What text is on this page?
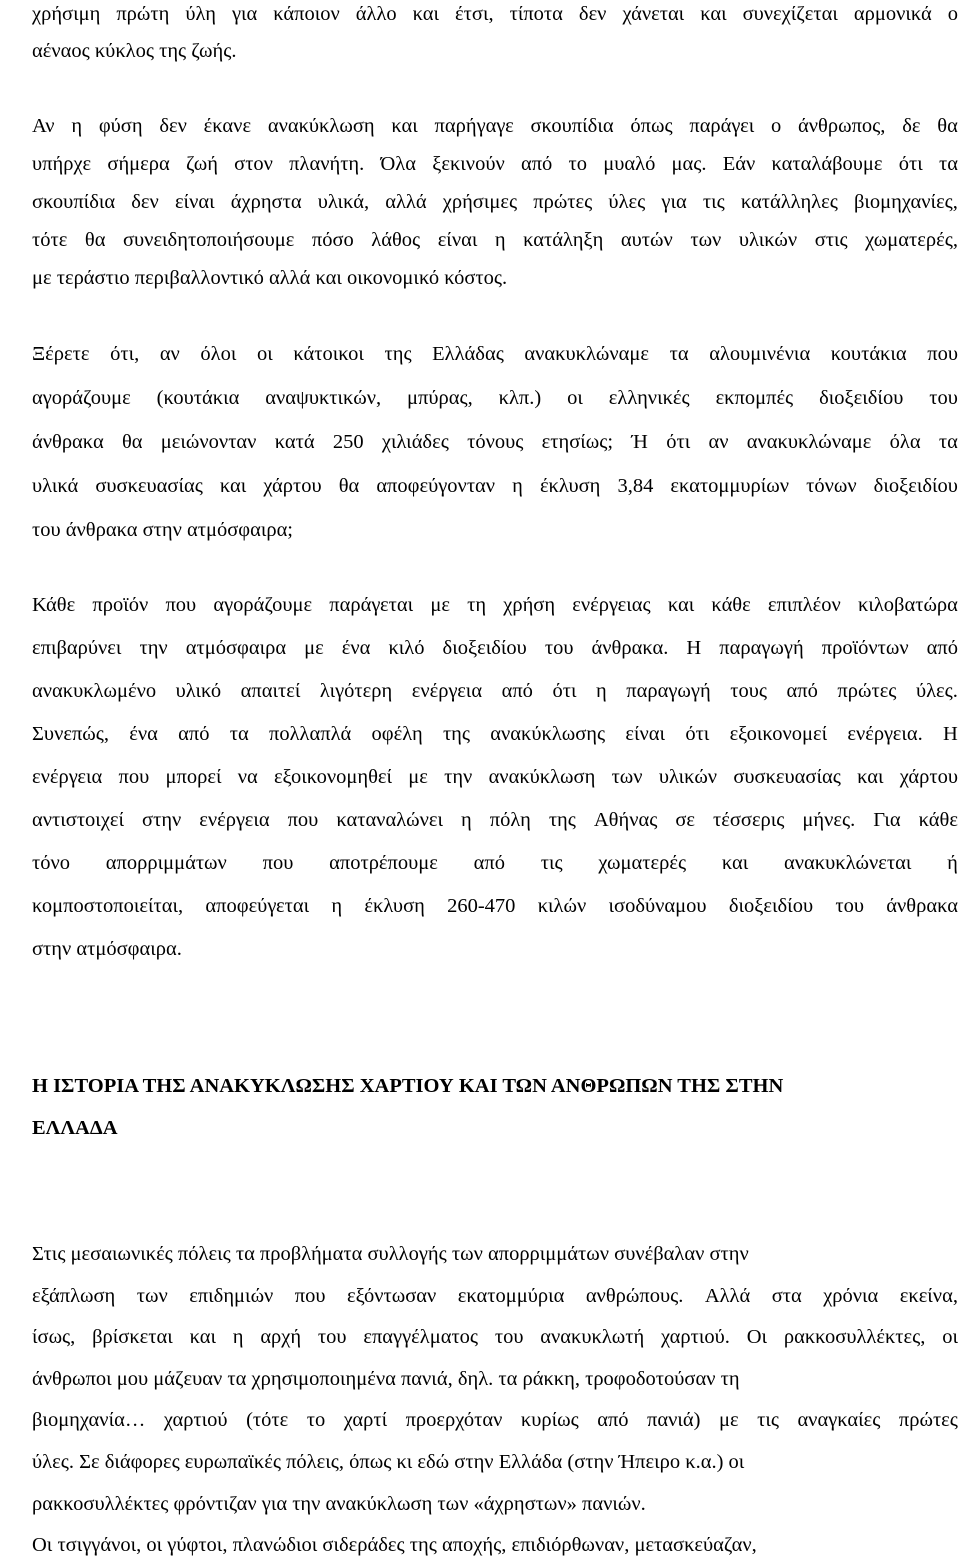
χρήσιμη πρώτη ύλη για κάποιον άλλο και έτσι, τίποτα δεν χάνεται και συνεχίζεται αρμονικά ο
αέναος κύκλος της ζωής.
Αν η φύση δεν έκανε ανακύκλωση και παρήγαγε σκουπίδια όπως παράγει ο άνθρωπος, δε θα
υπήρχε σήμερα ζωή στον πλανήτη. Όλα ξεκινούν από το μυαλό μας. Εάν καταλάβουμε ότι τα
σκουπίδια δεν είναι άχρηστα υλικά, αλλά χρήσιμες πρώτες ύλες για τις κατάλληλες βιομηχανίες,
τότε θα συνειδητοποιήσουμε πόσο λάθος είναι η κατάληξη αυτών των υλικών στις χωματερές,
με τεράστιο περιβαλλοντικό αλλά και οικονομικό κόστος.
Ξέρετε ότι, αν όλοι οι κάτοικοι της Ελλάδας ανακυκλώναμε τα αλουμινένια κουτάκια που
αγοράζουμε (κουτάκια αναψυκτικών, μπύρας, κλπ.) οι ελληνικές εκπομπές διοξειδίου του
άνθρακα θα μειώνονταν κατά 250 χιλιάδες τόνους ετησίως; Ή ότι αν ανακυκλώναμε όλα τα
υλικά συσκευασίας και χάρτου θα αποφεύγονταν η έκλυση 3,84 εκατομμυρίων τόνων διοξειδίου
του άνθρακα στην ατμόσφαιρα;
Κάθε προϊόν που αγοράζουμε παράγεται με τη χρήση ενέργειας και κάθε επιπλέον κιλοβατώρα
επιβαρύνει την ατμόσφαιρα με ένα κιλό διοξειδίου του άνθρακα. Η παραγωγή προϊόντων από
ανακυκλωμένο υλικό απαιτεί λιγότερη ενέργεια από ότι η παραγωγή τους από πρώτες ύλες.
Συνεπώς, ένα από τα πολλαπλά οφέλη της ανακύκλωσης είναι ότι εξοικονομεί ενέργεια. Η
ενέργεια που μπορεί να εξοικονομηθεί με την ανακύκλωση των υλικών συσκευασίας και χάρτου
αντιστοιχεί στην ενέργεια που καταναλώνει η πόλη της Αθήνας σε τέσσερις μήνες. Για κάθε
τόνο απορριμμάτων που αποτρέπουμε από τις χωματερές και ανακυκλώνεται ή
κομποστοποιείται, αποφεύγεται η έκλυση 260-470 κιλών ισοδύναμου διοξειδίου του άνθρακα
στην ατμόσφαιρα.
Η ΙΣΤΟΡΙΑ ΤΗΣ ΑΝΑΚΥΚΛΩΣΗΣ ΧΑΡΤΙΟΥ ΚΑΙ ΤΩΝ ΑΝΘΡΩΠΩΝ ΤΗΣ ΣΤΗΝ
ΕΛΛΑΔΑ
Στις μεσαιωνικές πόλεις τα προβλήματα συλλογής των απορριμμάτων συνέβαλαν στην
εξάπλωση των επιδημιών που εξόντωσαν εκατομμύρια ανθρώπους. Αλλά στα χρόνια εκείνα,
ίσως, βρίσκεται και η αρχή του επαγγέλματος του ανακυκλωτή χαρτιού. Οι ρακκοσυλλέκτες, οι
άνθρωποι μου μάζευαν τα χρησιμοποιημένα πανιά, δηλ. τα ράκκη, τροφοδοτούσαν τη
βιομηχανία… χαρτιού (τότε το χαρτί προερχόταν κυρίως από πανιά) με τις αναγκαίες πρώτες
ύλες. Σε διάφορες ευρωπαϊκές πόλεις, όπως κι εδώ στην Ελλάδα (στην Ήπειρο κ.α.) οι
ρακκοσυλλέκτες φρόντιζαν για την ανακύκλωση των «άχρηστων» πανιών.
Οι τσιγγάνοι, οι γύφτοι, πλανώδιοι σιδεράδες της αποχής, επιδιόρθωναν, μετασκεύαζαν,
